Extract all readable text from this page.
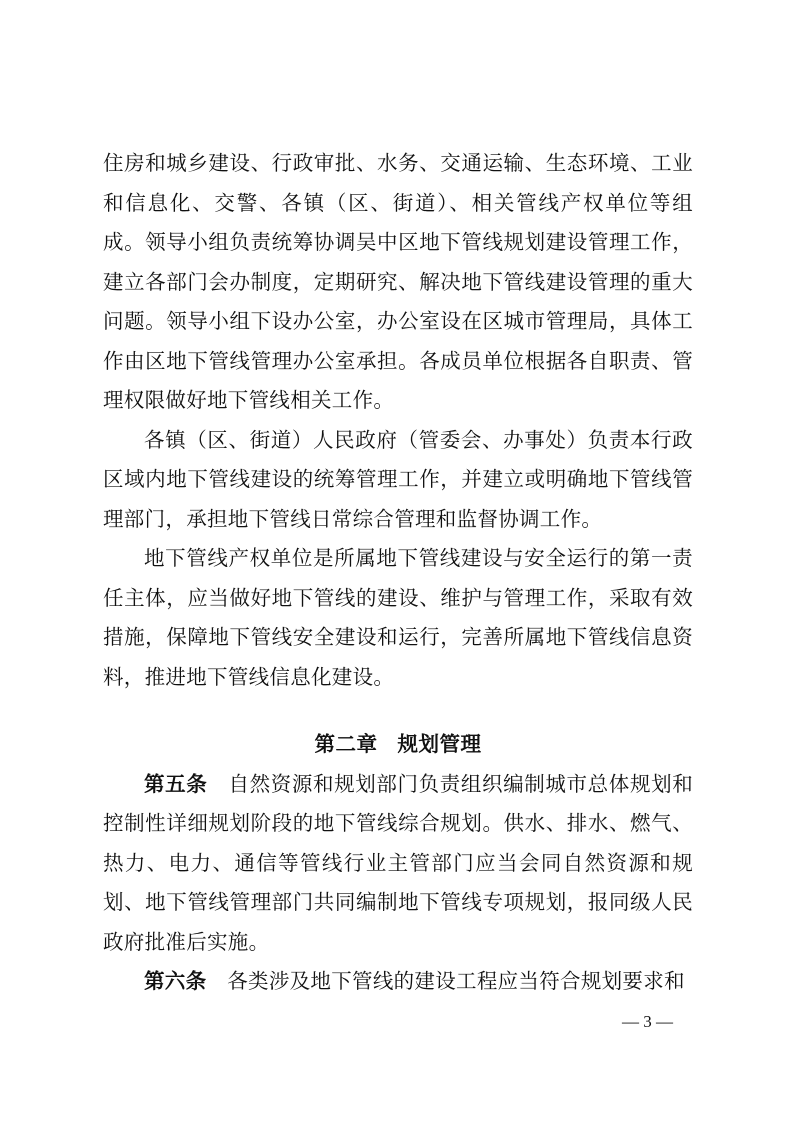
住房和城乡建设、行政审批、水务、交通运输、生态环境、工业和信息化、交警、各镇（区、街道）、相关管线产权单位等组成。领导小组负责统筹协调吴中区地下管线规划建设管理工作，建立各部门会办制度，定期研究、解决地下管线建设管理的重大问题。领导小组下设办公室，办公室设在区城市管理局，具体工作由区地下管线管理办公室承担。各成员单位根据各自职责、管理权限做好地下管线相关工作。

各镇（区、街道）人民政府（管委会、办事处）负责本行政区域内地下管线建设的统筹管理工作，并建立或明确地下管线管理部门，承担地下管线日常综合管理和监督协调工作。

地下管线产权单位是所属地下管线建设与安全运行的第一责任主体，应当做好地下管线的建设、维护与管理工作，采取有效措施，保障地下管线安全建设和运行，完善所属地下管线信息资料，推进地下管线信息化建设。

第二章 规划管理

第五条  自然资源和规划部门负责组织编制城市总体规划和控制性详细规划阶段的地下管线综合规划。供水、排水、燃气、热力、电力、通信等管线行业主管部门应当会同自然资源和规划、地下管线管理部门共同编制地下管线专项规划，报同级人民政府批准后实施。

第六条  各类涉及地下管线的建设工程应当符合规划要求和

— 3 —
